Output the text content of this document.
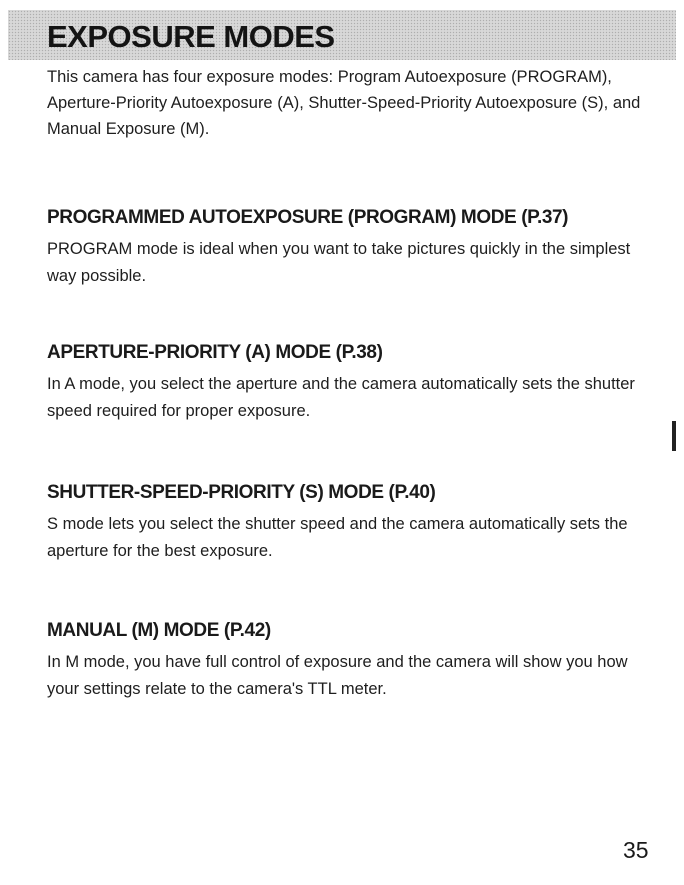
EXPOSURE MODES

This camera has four exposure modes: Program Autoexposure (PROGRAM), Aperture-Priority Autoexposure (A), Shutter-Speed-Priority Autoexposure (S), and Manual Exposure (M).

PROGRAMMED AUTOEXPOSURE (PROGRAM) MODE (P.37)

PROGRAM mode is ideal when you want to take pictures quickly in the simplest way possible.

APERTURE-PRIORITY (A) MODE (P.38)

In A mode, you select the aperture and the camera automatically sets the shutter speed required for proper exposure.

SHUTTER-SPEED-PRIORITY (S) MODE (P.40)

S mode lets you select the shutter speed and the camera automatically sets the aperture for the best exposure.

MANUAL (M) MODE (P.42)

In M mode, you have full control of exposure and the camera will show you how your settings relate to the camera's TTL meter.

35
